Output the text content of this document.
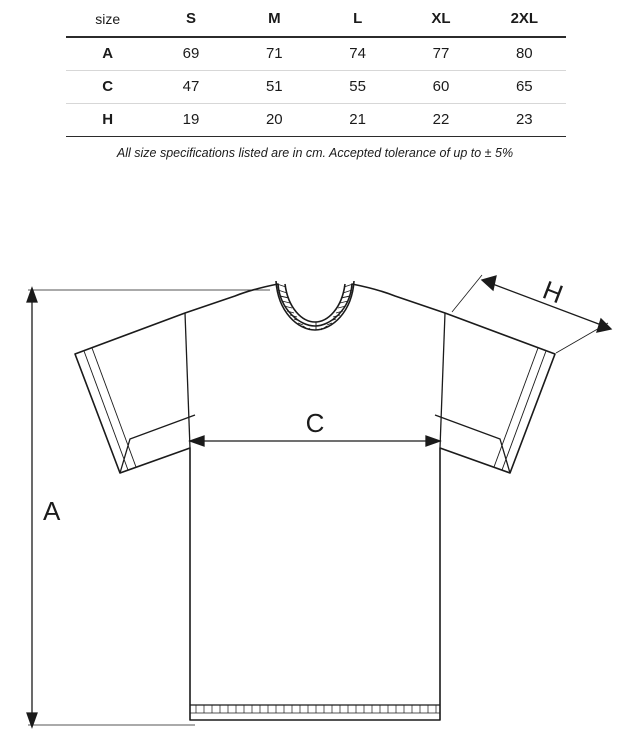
size	S	M	L	XL	2XL
A	69	71	74	77	80
C	47	51	55	60	65
H	19	20	21	22	23
All size specifications listed are in cm. Accepted tolerance of up to ± 5%
A
C
H
